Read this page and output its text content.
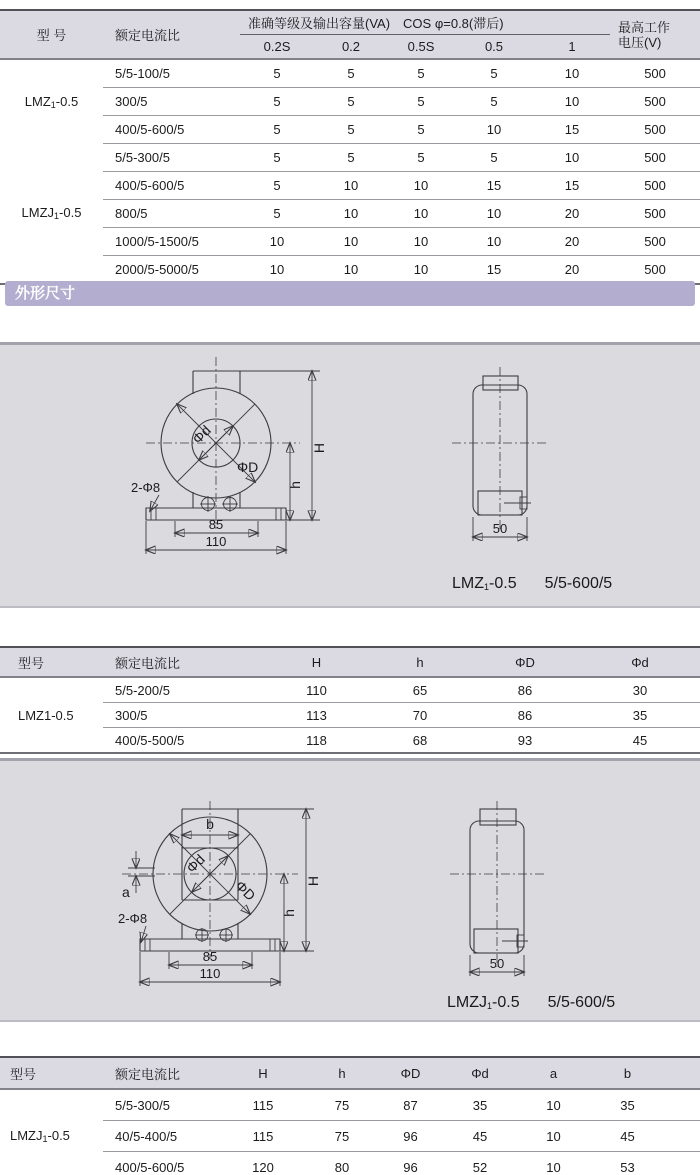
型 号	额定电流比	准确等级及输出容量(VA)　COS φ=0.8(滞后)					最高工作
电压(V)
		0.2S	0.2	0.5S	0.5	1	
LMZ1-0.5	5/5-100/5	5	5	5	5	10	500
	300/5	5	5	5	5	10	500
	400/5-600/5	5	5	5	10	15	500
LMZJ1-0.5	5/5-300/5	5	5	5	5	10	500
	400/5-600/5	5	10	10	15	15	500
	800/5	5	10	10	10	20	500
	1000/5-1500/5	10	10	10	10	20	500
	2000/5-5000/5	10	10	10	15	20	500
外形尺寸
ΦD
Φd
2-Φ8
85
110
h
H
50
LMZ1-0.5 5/5-600/5
型号	额定电流比	H	h	ΦD	Φd
LMZ1-0.5	5/5-200/5	110	65	86	30
	300/5	113	70	86	35
	400/5-500/5	118	68	93	45
b
a	ΦD
Φd
2-Φ8
85
110
h
H
50
LMZJ1-0.5 5/5-600/5
型号	额定电流比	H	h	ΦD	Φd	a	b
LMZJ1-0.5	5/5-300/5	115	75	87	35	10	35
	40/5-400/5	115	75	96	45	10	45
	400/5-600/5	120	80	96	52	10	53
